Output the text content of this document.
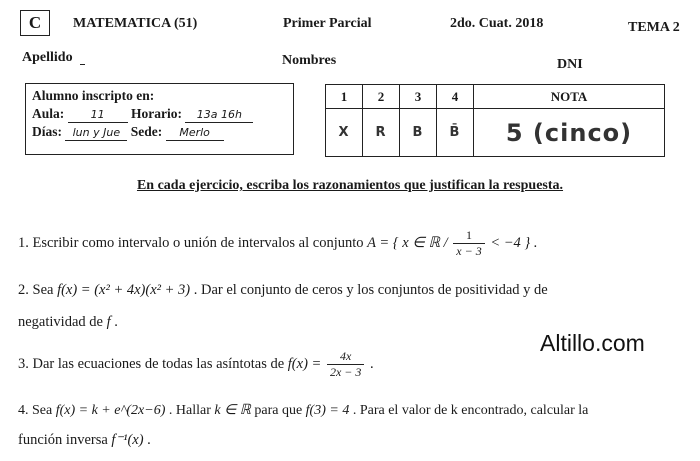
C	MATEMATICA (51)	Primer Parcial	2do. Cuat. 2018	TEMA 2
Apellido	Nombres	DNI
Alumno inscripto en:
Aula: 11 Horario: 13a 16h
Días: lun y Jue Sede: Merlo
1	2	3	4	NOTA
X	R	B	B̄	5 (cinco)
En cada ejercicio, escriba los razonamientos que justifican la respuesta.
1. Escribir como intervalo o unión de intervalos al conjunto A = { x ∈ ℝ / $\frac{1}{x - 3} < -4$ } .
2. Sea f(x) = (x² + 4x)(x² + 3) . Dar el conjunto de ceros y los conjuntos de positividad y de
negatividad de f .
3. Dar las ecuaciones de todas las asíntotas de $f(x) = \frac{4x}{2x - 3}$ .
4. Sea f(x) = k + e^(2x−6) . Hallar k ∈ ℝ para que f(3) = 4 . Para el valor de k encontrado, calcular la
función inversa f⁻¹(x) .
Altillo.com
